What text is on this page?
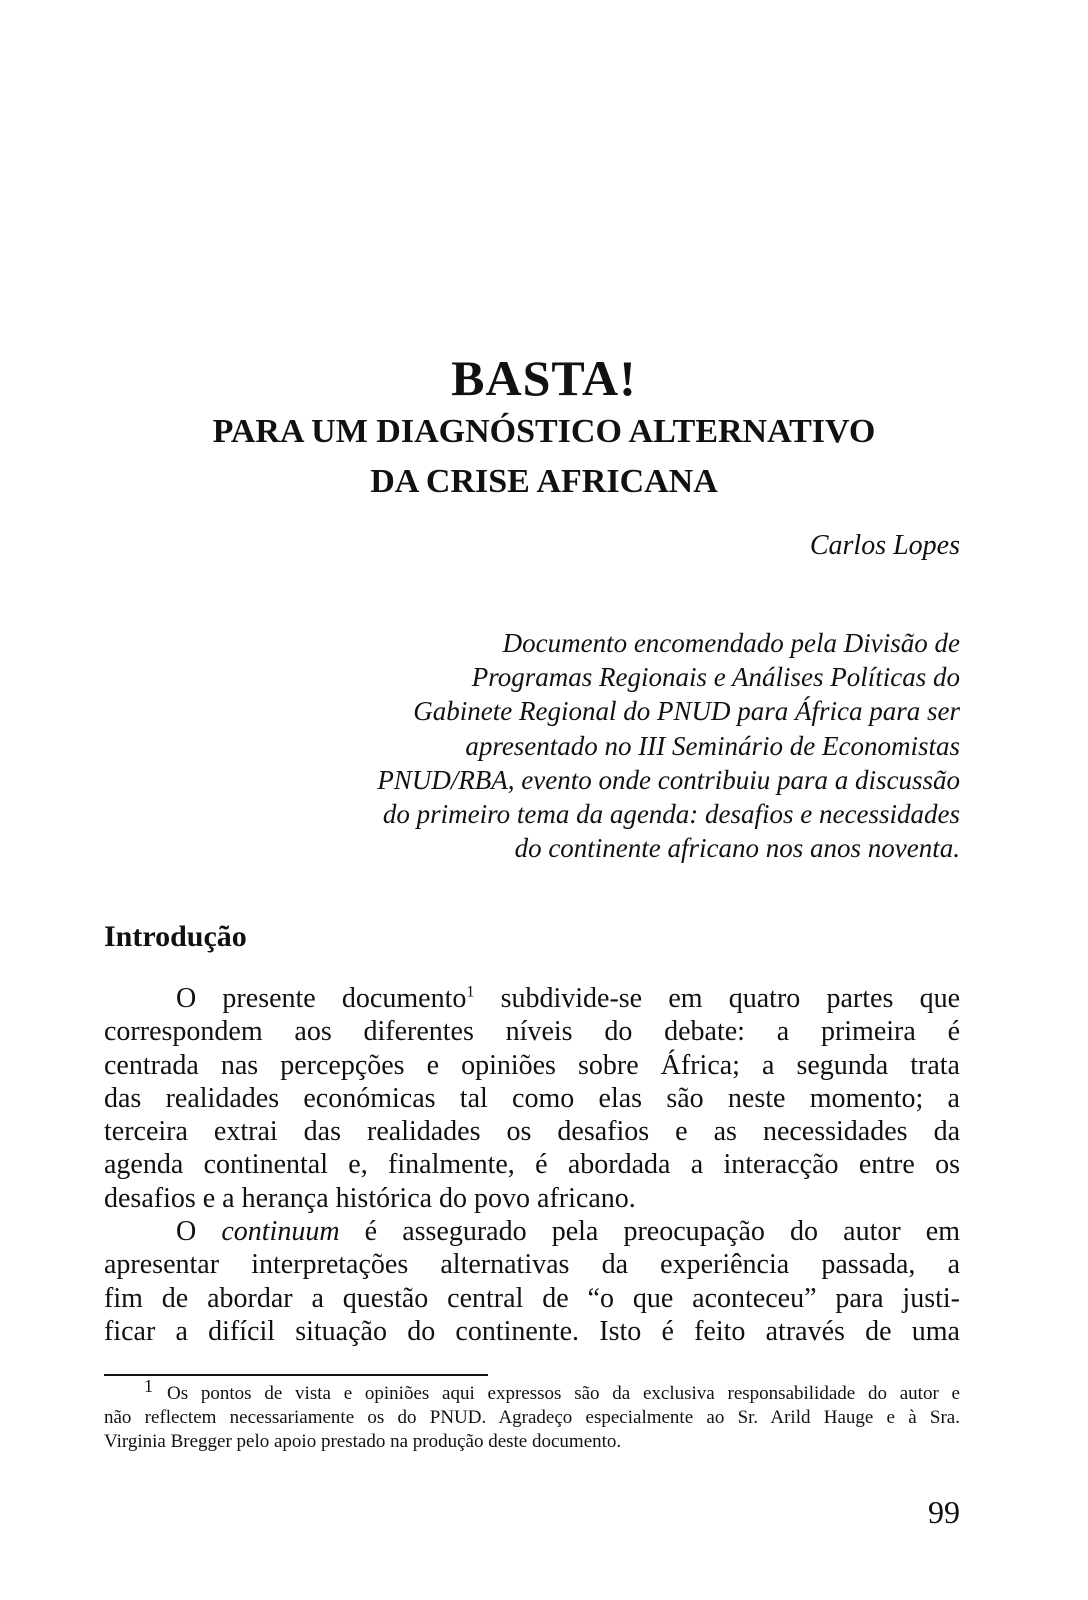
BASTA!
PARA UM DIAGNÓSTICO ALTERNATIVO
DA CRISE AFRICANA

Carlos Lopes

Documento encomendado pela Divisão de
Programas Regionais e Análises Políticas do
Gabinete Regional do PNUD para África para ser
apresentado no III Seminário de Economistas
PNUD/RBA, evento onde contribuiu para a discussão
do primeiro tema da agenda: desafios e necessidades
do continente africano nos anos noventa.
Introdução
O presente documento$^1$ subdivide-se em quatro partes que
correspondem aos diferentes níveis do debate: a primeira é
centrada nas percepções e opiniões sobre África; a segunda trata
das realidades económicas tal como elas são neste momento; a
terceira extrai das realidades os desafios e as necessidades da
agenda continental e, finalmente, é abordada a interacção entre os
desafios e a herança histórica do povo africano.
O continuum é assegurado pela preocupação do autor em
apresentar interpretações alternativas da experiência passada, a
fim de abordar a questão central de “o que aconteceu” para justi-
ficar a difícil situação do continente. Isto é feito através de uma
$^1$ Os pontos de vista e opiniões aqui expressos são da exclusiva responsabilidade do autor e
não reflectem necessariamente os do PNUD. Agradeço especialmente ao Sr. Arild Hauge e à Sra.
Virginia Bregger pelo apoio prestado na produção deste documento.

99
